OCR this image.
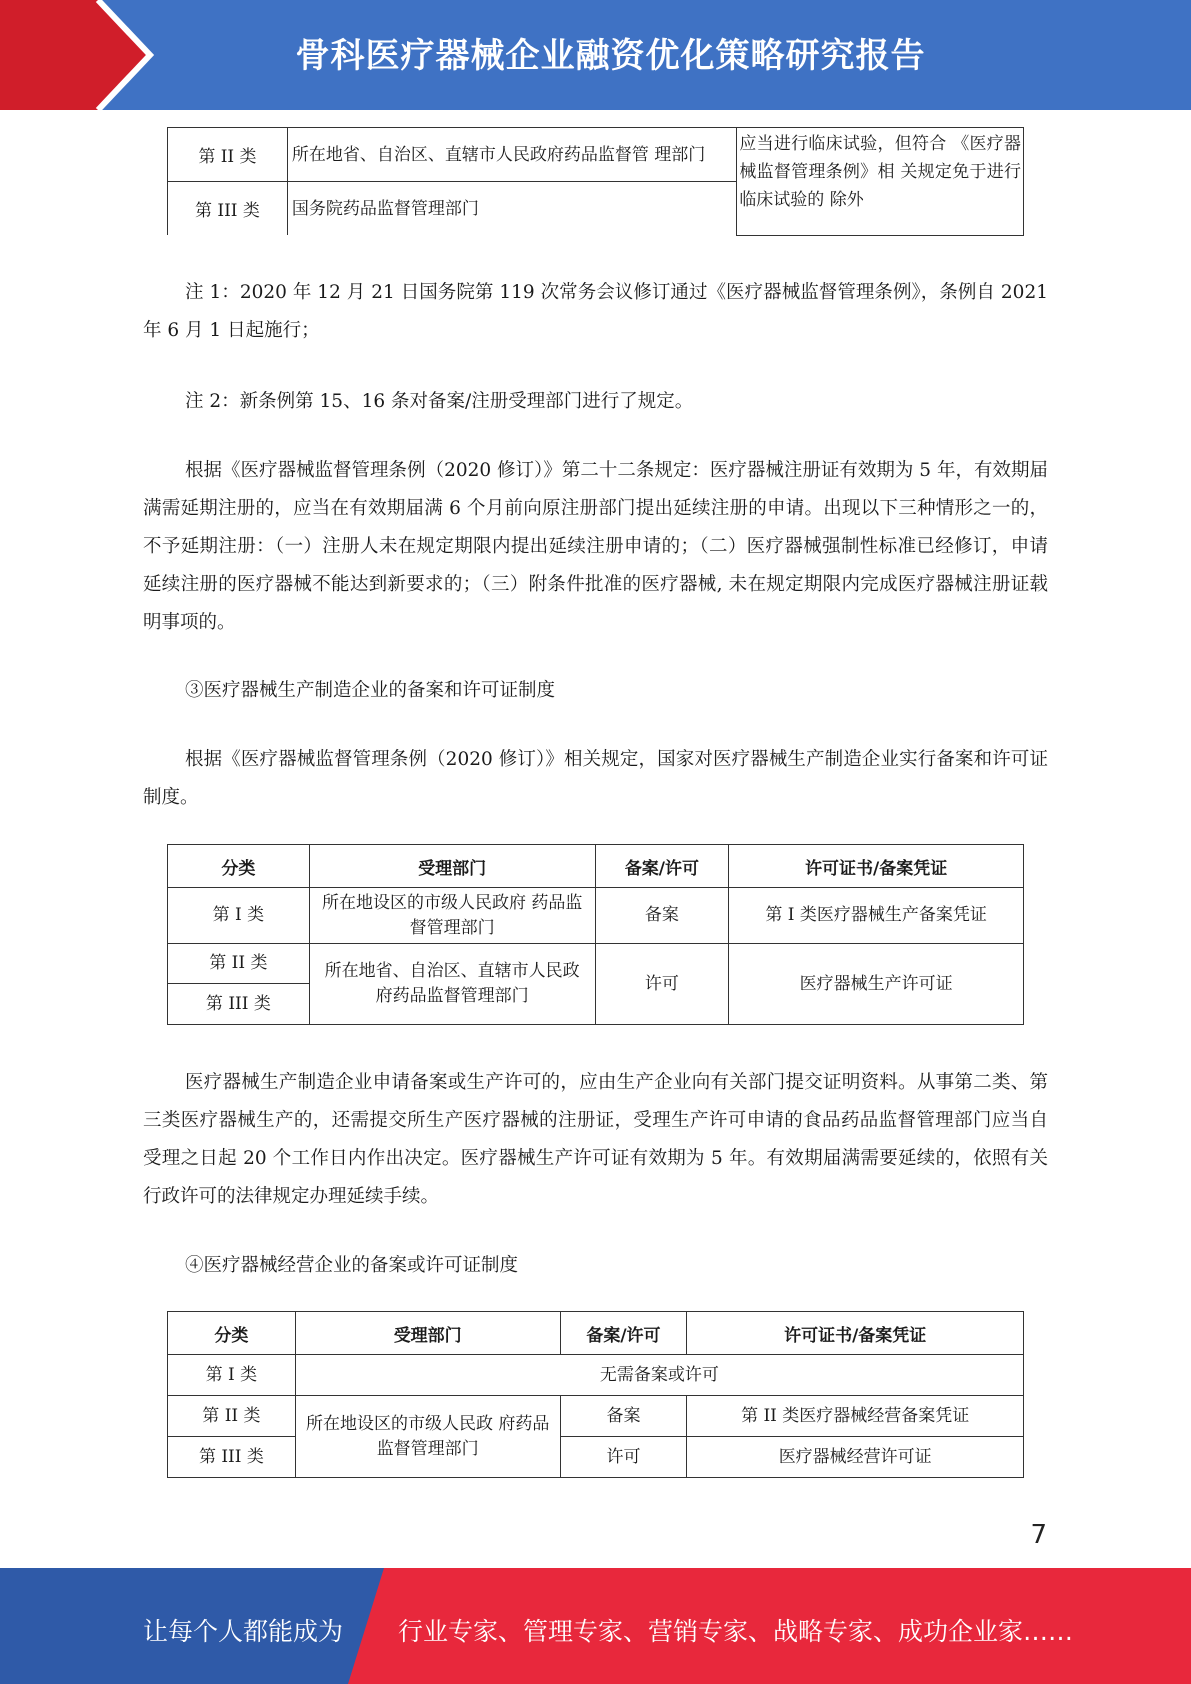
骨科医疗器械企业融资优化策略研究报告
第 II 类	所在地省、自治区、直辖市人民政府药品监督管 理部门	应当进行临床试验，但符合 《医疗器械监督管理条例》相 关规定免于进行临床试验的 除外
第 III 类	国务院药品监督管理部门	

注 1：2020 年 12 月 21 日国务院第 119 次常务会议修订通过《医疗器械监督管理条例》，条例自 2021 年 6 月 1 日起施行；

注 2：新条例第 15、16 条对备案/注册受理部门进行了规定。

根据《医疗器械监督管理条例（2020 修订）》第二十二条规定：医疗器械注册证有效期为 5 年，有效期届满需延期注册的，应当在有效期届满 6 个月前向原注册部门提出延续注册的申请。出现以下三种情形之一的，不予延期注册：（一）注册人未在规定期限内提出延续注册申请的；（二）医疗器械强制性标准已经修订，申请延续注册的医疗器械不能达到新要求的；（三）附条件批准的医疗器械, 未在规定期限内完成医疗器械注册证载明事项的。

③医疗器械生产制造企业的备案和许可证制度

根据《医疗器械监督管理条例（2020 修订）》相关规定，国家对医疗器械生产制造企业实行备案和许可证制度。

分类	受理部门	备案/许可	许可证书/备案凭证
第 I 类	所在地设区的市级人民政府 药品监督管理部门	备案	第 I 类医疗器械生产备案凭证
第 II 类	所在地省、自治区、直辖市人民政府药品监督管理部门	许可	医疗器械生产许可证
第 III 类			

医疗器械生产制造企业申请备案或生产许可的，应由生产企业向有关部门提交证明资料。从事第二类、第三类医疗器械生产的，还需提交所生产医疗器械的注册证，受理生产许可申请的食品药品监督管理部门应当自受理之日起 20 个工作日内作出决定。医疗器械生产许可证有效期为 5 年。有效期届满需要延续的，依照有关行政许可的法律规定办理延续手续。

④医疗器械经营企业的备案或许可证制度

分类	受理部门	备案/许可	许可证书/备案凭证
第 I 类	无需备案或许可		
第 II 类	所在地设区的市级人民政 府药品监督管理部门	备案	第 II 类医疗器械经营备案凭证
第 III 类		许可	医疗器械经营许可证
7
让每个人都能成为 行业专家、管理专家、营销专家、战略专家、成功企业家……
